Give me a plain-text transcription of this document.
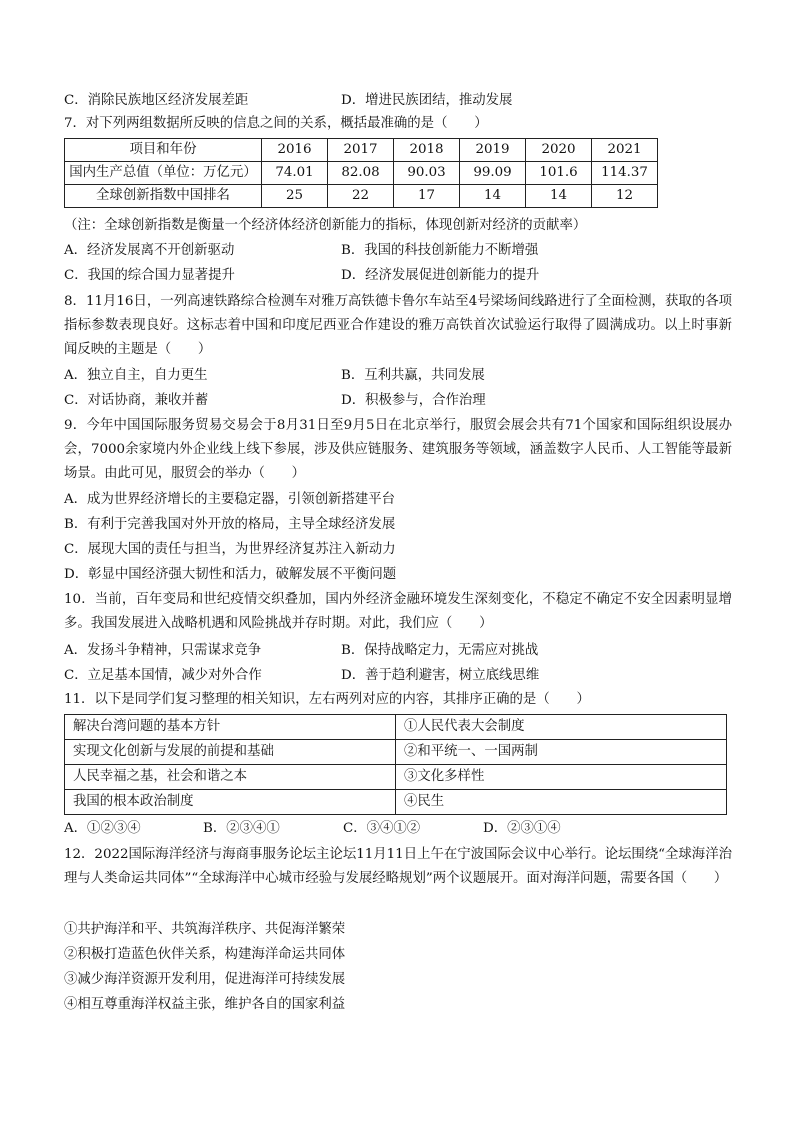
C．消除民族地区经济发展差距	D．增进民族团结，推动发展
7．对下列两组数据所反映的信息之间的关系，概括最准确的是（　　）
项目和年份	2016	2017	2018	2019	2020	2021
国内生产总值（单位：万亿元）	74.01	82.08	90.03	99.09	101.6	114.37
全球创新指数中国排名	25	22	17	14	14	12
（注：全球创新指数是衡量一个经济体经济创新能力的指标，体现创新对经济的贡献率）
A．经济发展离不开创新驱动	B．我国的科技创新能力不断增强
C．我国的综合国力显著提升	D．经济发展促进创新能力的提升
8．11月16日，一列高速铁路综合检测车对雅万高铁德卡鲁尔车站至4号梁场间线路进行了全面检测，获取的各项指标参数表现良好。这标志着中国和印度尼西亚合作建设的雅万高铁首次试验运行取得了圆满成功。以上时事新闻反映的主题是（　　）
A．独立自主，自力更生	B．互利共赢，共同发展
C．对话协商，兼收并蓄	D．积极参与，合作治理
9．今年中国国际服务贸易交易会于8月31日至9月5日在北京举行，服贸会展会共有71个国家和国际组织设展办会，7000余家境内外企业线上线下参展，涉及供应链服务、建筑服务等领域，涵盖数字人民币、人工智能等最新场景。由此可见，服贸会的举办（　　）
A．成为世界经济增长的主要稳定器，引领创新搭建平台
B．有利于完善我国对外开放的格局，主导全球经济发展
C．展现大国的责任与担当，为世界经济复苏注入新动力
D．彰显中国经济强大韧性和活力，破解发展不平衡问题
10．当前，百年变局和世纪疫情交织叠加，国内外经济金融环境发生深刻变化，不稳定不确定不安全因素明显增多。我国发展进入战略机遇和风险挑战并存时期。对此，我们应（　　）
A．发扬斗争精神，只需谋求竞争	B．保持战略定力，无需应对挑战
C．立足基本国情，减少对外合作	D．善于趋利避害，树立底线思维
11．以下是同学们复习整理的相关知识，左右两列对应的内容，其排序正确的是（　　）
解决台湾问题的基本方针	①人民代表大会制度
实现文化创新与发展的前提和基础	②和平统一、一国两制
人民幸福之基，社会和谐之本	③文化多样性
我国的根本政治制度	④民生
A．①②③④	B．②③④①	C．③④①②	D．②③①④
12．2022国际海洋经济与海商事服务论坛主论坛11月11日上午在宁波国际会议中心举行。论坛围绕“全球海洋治理与人类命运共同体”“全球海洋中心城市经验与发展经略规划”两个议题展开。面对海洋问题，需要各国（　　）
①共护海洋和平、共筑海洋秩序、共促海洋繁荣
②积极打造蓝色伙伴关系，构建海洋命运共同体
③减少海洋资源开发利用，促进海洋可持续发展
④相互尊重海洋权益主张，维护各自的国家利益
